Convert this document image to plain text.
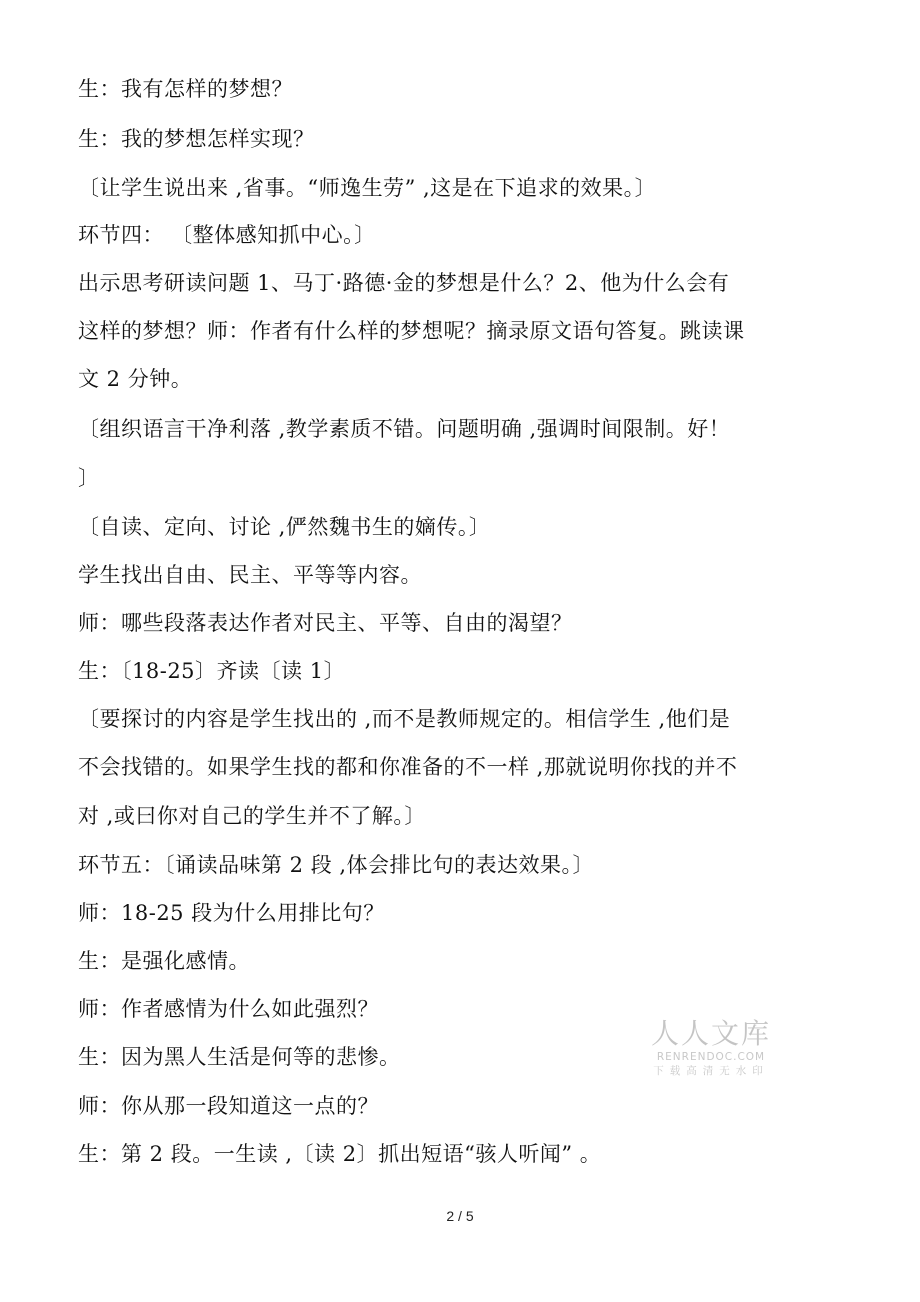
生：我有怎样的梦想？
生：我的梦想怎样实现？
〔让学生说出来 ,省事。“师逸生劳” ,这是在下追求的效果。〕
环节四： 〔整体感知抓中心。〕
出示思考研读问题 1、马丁·路德·金的梦想是什么？2、他为什么会有
这样的梦想？师：作者有什么样的梦想呢？摘录原文语句答复。跳读课
文 2 分钟。
〔组织语言干净利落 ,教学素质不错。问题明确 ,强调时间限制。好！
〕
〔自读、定向、讨论 ,俨然魏书生的嫡传。〕
学生找出自由、民主、平等等内容。
师：哪些段落表达作者对民主、平等、自由的渴望？
生：〔18-25〕齐读〔读 1〕
〔要探讨的内容是学生找出的 ,而不是教师规定的。相信学生 ,他们是
不会找错的。如果学生找的都和你准备的不一样 ,那就说明你找的并不
对 ,或曰你对自己的学生并不了解。〕
环节五：〔诵读品味第 2 段 ,体会排比句的表达效果。〕
师：18-25 段为什么用排比句？
生：是强化感情。
师：作者感情为什么如此强烈？
生：因为黑人生活是何等的悲惨。
师：你从那一段知道这一点的？
生：第 2 段。一生读 ,〔读 2〕抓出短语“骇人听闻” 。
人人文库
RENRENDOC.COM
下载高清无水印
2 / 5
